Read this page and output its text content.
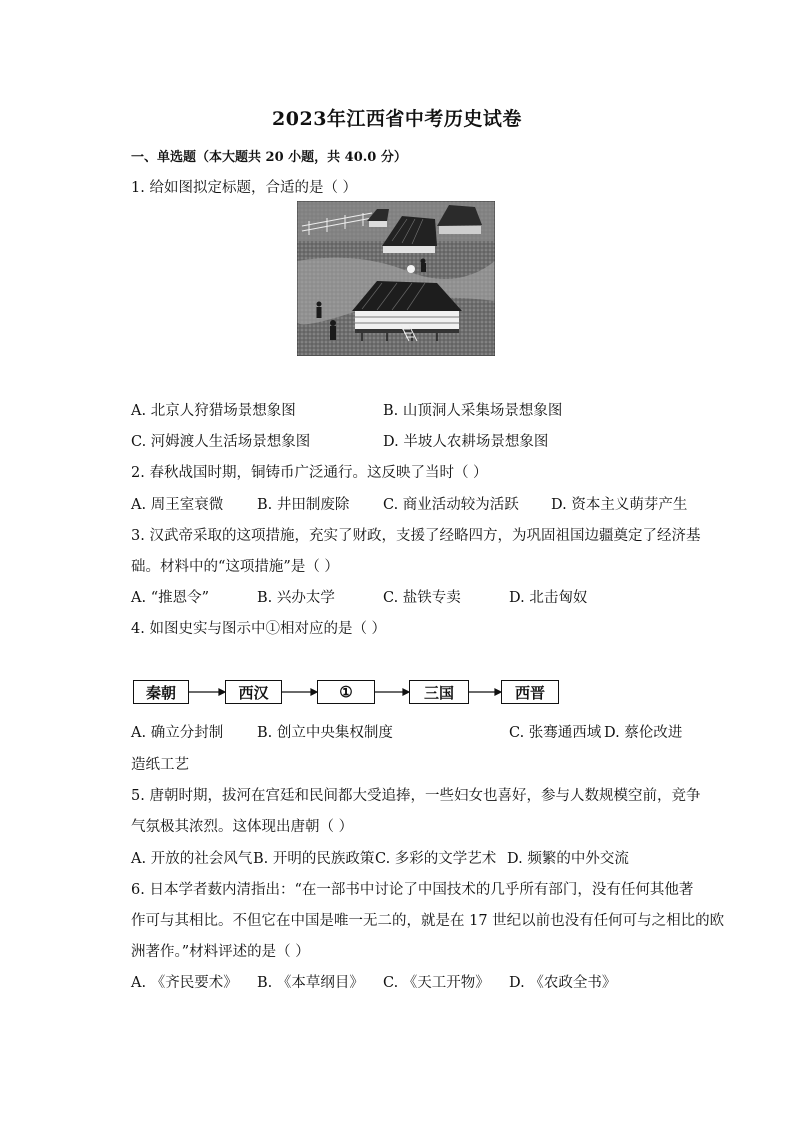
2023年江西省中考历史试卷
一、单选题（本大题共 20 小题，共 40.0 分）
1. 给如图拟定标题，合适的是（ ）
A. 北京人狩猎场景想象图	B. 山顶洞人采集场景想象图
C. 河姆渡人生活场景想象图	D. 半坡人农耕场景想象图
2. 春秋战国时期，铜铸币广泛通行。这反映了当时（ ）
A. 周王室衰微 B. 井田制废除 C. 商业活动较为活跃 D. 资本主义萌芽产生
3. 汉武帝采取的这项措施，充实了财政，支援了经略四方，为巩固祖国边疆奠定了经济基
础。材料中的“这项措施”是（ ）
A. “推恩令”	B. 兴办太学	C. 盐铁专卖	D. 北击匈奴
4. 如图史实与图示中①相对应的是（ ）
秦朝	西汉	①	三国	西晋
A. 确立分封制 B. 创立中央集权制度	C. 张骞通西域 D. 蔡伦改进
造纸工艺
5. 唐朝时期，拔河在宫廷和民间都大受追捧，一些妇女也喜好，参与人数规模空前，竞争
气氛极其浓烈。这体现出唐朝（ ）
A. 开放的社会风气 B. 开明的民族政策 C. 多彩的文学艺术 D. 频繁的中外交流
6. 日本学者薮内清指出：“在一部书中讨论了中国技术的几乎所有部门，没有任何其他著
作可与其相比。不但它在中国是唯一无二的，就是在 17 世纪以前也没有任何可与之相比的欧
洲著作。”材料评述的是（ ）
A. 《齐民要术》 B. 《本草纲目》 C. 《天工开物》 D. 《农政全书》
